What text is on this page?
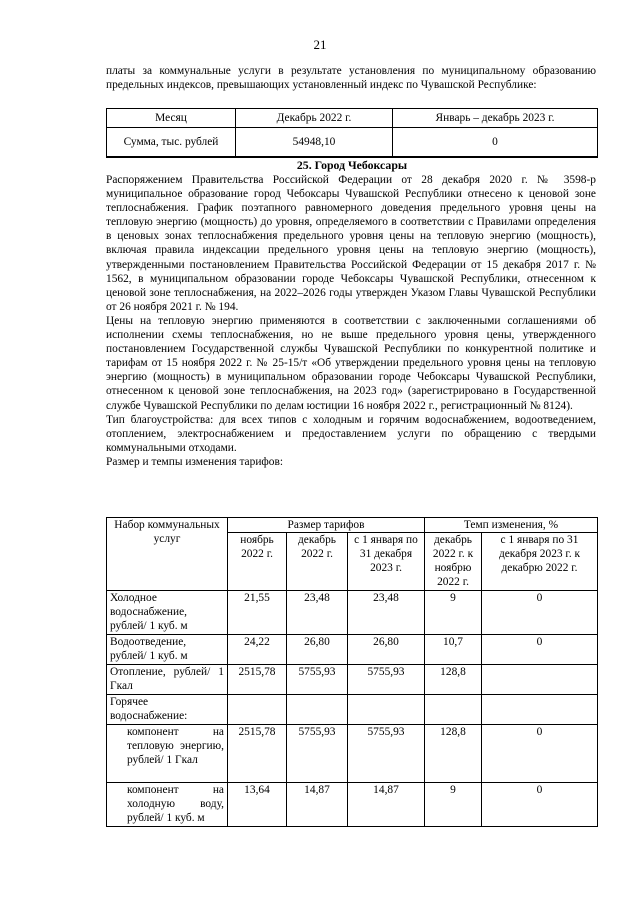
21

платы за коммунальные услуги в результате установления по муниципальному образованию предельных индексов, превышающих установленный индекс по Чувашской Республике:

Месяц	Декабрь 2022 г.	Январь – декабрь 2023 г.
Сумма, тыс. рублей	54948,10	0
25. Город Чебоксары

Распоряжением Правительства Российской Федерации от 28 декабря 2020 г. № 3598-р муниципальное образование город Чебоксары Чувашской Республики отнесено к ценовой зоне теплоснабжения. График поэтапного равномерного доведения предельного уровня цены на тепловую энергию (мощность) до уровня, определяемого в соответствии с Правилами определения в ценовых зонах теплоснабжения предельного уровня цены на тепловую энергию (мощность), включая правила индексации предельного уровня цены на тепловую энергию (мощность), утвержденными постановлением Правительства Российской Федерации от 15 декабря 2017 г. № 1562, в муниципальном образовании городе Чебоксары Чувашской Республики, отнесенном к ценовой зоне теплоснабжения, на 2022–2026 годы утвержден Указом Главы Чувашской Республики от 26 ноября 2021 г. № 194.

Цены на тепловую энергию применяются в соответствии с заключенными соглашениями об исполнении схемы теплоснабжения, но не выше предельного уровня цены, утвержденного постановлением Государственной службы Чувашской Республики по конкурентной политике и тарифам от 15 ноября 2022 г. № 25-15/т «Об утверждении предельного уровня цены на тепловую энергию (мощность) в муниципальном образовании городе Чебоксары Чувашской Республики, отнесенном к ценовой зоне теплоснабжения, на 2023 год» (зарегистрировано в Государственной службе Чувашской Республики по делам юстиции 16 ноября 2022 г., регистрационный № 8124).

Тип благоустройства: для всех типов с холодным и горячим водоснабжением, водоотведением, отоплением, электроснабжением и предоставлением услуги по обращению с твердыми коммунальными отходами.

Размер и темпы изменения тарифов:

Набор коммунальных услуг	Размер тарифов			Темп изменения, %	
	ноябрь 2022 г.	декабрь 2022 г.	с 1 января по 31 декабря 2023 г.	декабрь 2022 г. к ноябрю 2022 г.	с 1 января по 31 декабря 2023 г. к декабрю 2022 г.
Холодное водоснабжение, рублей/ 1 куб. м	21,55	23,48	23,48	9	0
Водоотведение, рублей/ 1 куб. м	24,22	26,80	26,80	10,7	0
Отопление, рублей/ 1 Гкал	2515,78	5755,93	5755,93	128,8	
Горячее водоснабжение:					
компонент на тепловую энергию, рублей/ 1 Гкал	2515,78	5755,93	5755,93	128,8	0
компонент на холодную воду, рублей/ 1 куб. м	13,64	14,87	14,87	9	0
